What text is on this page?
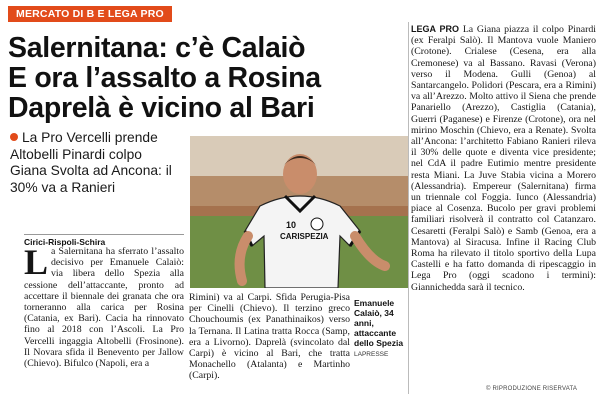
MERCATO DI B E LEGA PRO
Salernitana: c’è Calaiò
E ora l’assalto a Rosina
Daprelà è vicino al Bari
La Pro Vercelli prende Altobelli Pinardi colpo Giana Svolta ad Ancona: il 30% va a Ranieri
Cirici-Rispoli-Schira
10
CARISPEZIA
La Salernitana ha sferrato l’assalto decisivo per Emanuele Calaiò: via libera dello Spezia alla cessione dell’attaccante, pronto ad accettare il biennale dei granata che ora torneranno alla carica per Rosina (Catania, ex Bari). Cacia ha rinnovato fino al 2018 con l’Ascoli. La Pro Vercelli ingaggia Altobelli (Frosinone). Il Novara sfida il Benevento per Jallow (Chievo). Bifulco (Napoli, era a
Rimini) va al Carpi. Sfida Perugia-Pisa per Cinelli (Chievo). Il terzino greco Chouchoumis (ex Panathinaikos) verso la Ternana. Il Latina tratta Rocca (Samp, era a Livorno). Daprelà (svincolato dal Carpi) è vicino al Bari, che tratta Monachello (Atalanta) e Martinho (Carpi).
Emanuele Calaiò, 34 anni, attaccante dello Spezia
LAPRESSE
LEGA PRO La Giana piazza il colpo Pinardi (ex Feralpi Salò). Il Mantova vuole Maniero (Crotone). Crialese (Cesena, era alla Cremonese) va al Bassano. Ravasi (Verona) verso il Modena. Gulli (Genoa) al Santarcangelo. Polidori (Pescara, era a Rimini) va all’Arezzo. Molto attivo il Siena che prende Panariello (Arezzo), Castiglia (Catania), Guerri (Paganese) e Firenze (Crotone), ora nel mirino Moschin (Chievo, era a Renate). Svolta all’Ancona: l’architetto Fabiano Ranieri rileva il 30% delle quote e diventa vice presidente; nel CdA il padre Eutimio mentre presidente resta Miani. La Juve Stabia vicina a Morero (Alessandria). Empereur (Salernitana) firma un triennale col Foggia. Iunco (Alessandria) piace al Cosenza. Bucolo per gravi problemi familiari risolverà il contratto col Catanzaro. Cesaretti (Feralpi Salò) e Samb (Genoa, era a Mantova) al Siracusa. Infine il Racing Club Roma ha rilevato il titolo sportivo della Lupa Castelli e ha fatto domanda di ripescaggio in Lega Pro (oggi scadono i termini): Giannichedda sarà il tecnico.
© RIPRODUZIONE RISERVATA
